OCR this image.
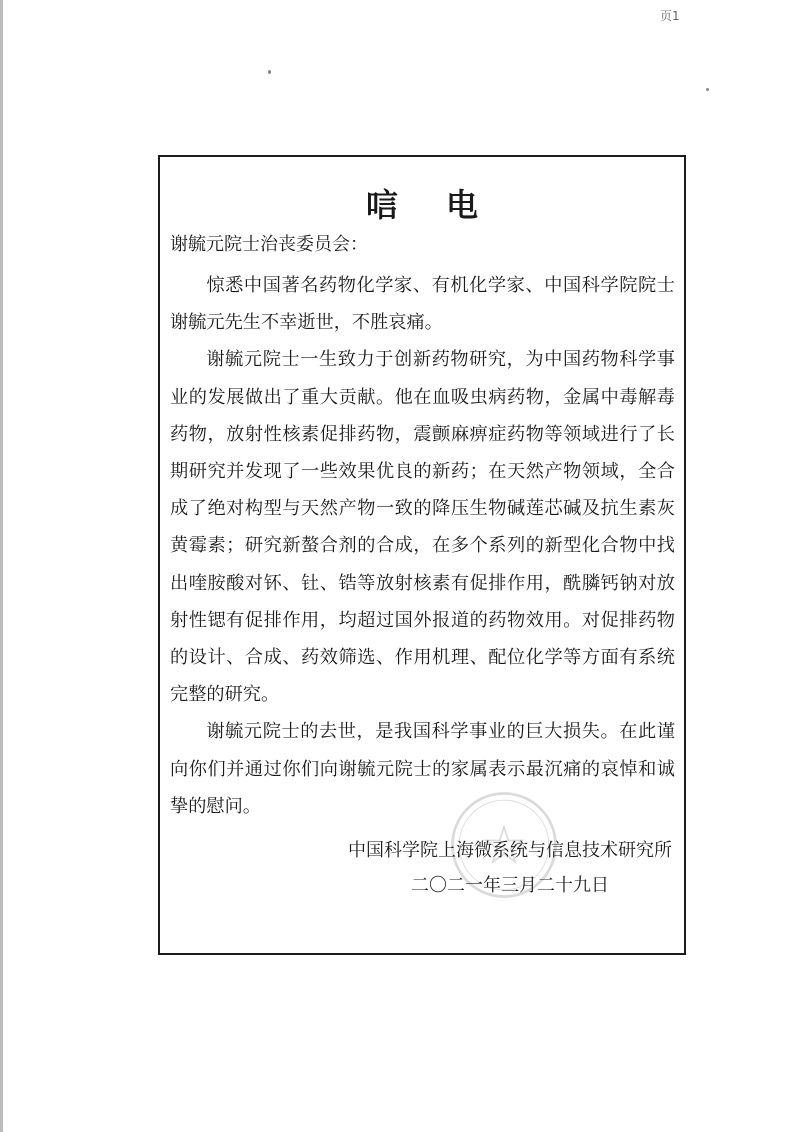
页1
唁电
谢毓元院士治丧委员会：

惊悉中国著名药物化学家、有机化学家、中国科学院院士谢毓元先生不幸逝世，不胜哀痛。

谢毓元院士一生致力于创新药物研究，为中国药物科学事业的发展做出了重大贡献。他在血吸虫病药物，金属中毒解毒药物，放射性核素促排药物，震颤麻痹症药物等领域进行了长期研究并发现了一些效果优良的新药；在天然产物领域，全合成了绝对构型与天然产物一致的降压生物碱莲芯碱及抗生素灰黄霉素；研究新螯合剂的合成，在多个系列的新型化合物中找出喹胺酸对钚、钍、锆等放射核素有促排作用，酰膦钙钠对放射性锶有促排作用，均超过国外报道的药物效用。对促排药物的设计、合成、药效筛选、作用机理、配位化学等方面有系统完整的研究。

谢毓元院士的去世，是我国科学事业的巨大损失。在此谨向你们并通过你们向谢毓元院士的家属表示最沉痛的哀悼和诚挚的慰问。

中国科学院上海微系统与信息技术研究所
二〇二一年三月二十九日
